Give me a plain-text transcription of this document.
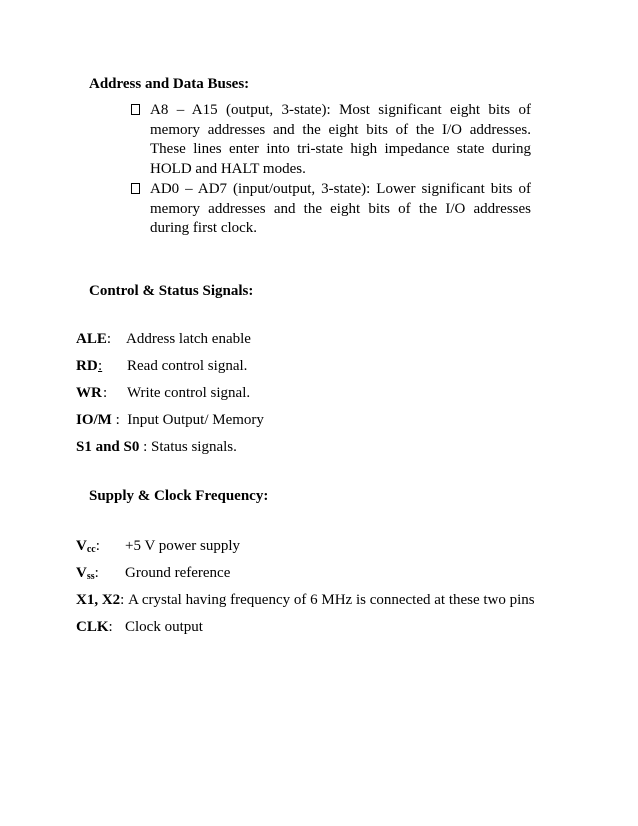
Address and Data Buses:
A8 – A15 (output, 3-state): Most significant eight bits of memory addresses and the eight bits of the I/O addresses. These lines enter into tri-state high impedance state during HOLD and HALT modes.
AD0 – AD7 (input/output, 3-state): Lower significant bits of memory addresses and the eight bits of the I/O addresses during first clock.
Control & Status Signals:
ALE: Address latch enable
RD : Read control signal.
WR : Write control signal.
IO/M : Input Output/ Memory
S1 and S0 : Status signals.
Supply & Clock Frequency:
$V_{cc}$: +5 V power supply
$V_{ss}$: Ground reference
X1, X2: A crystal having frequency of 6 MHz is connected at these two pins
CLK: Clock output
